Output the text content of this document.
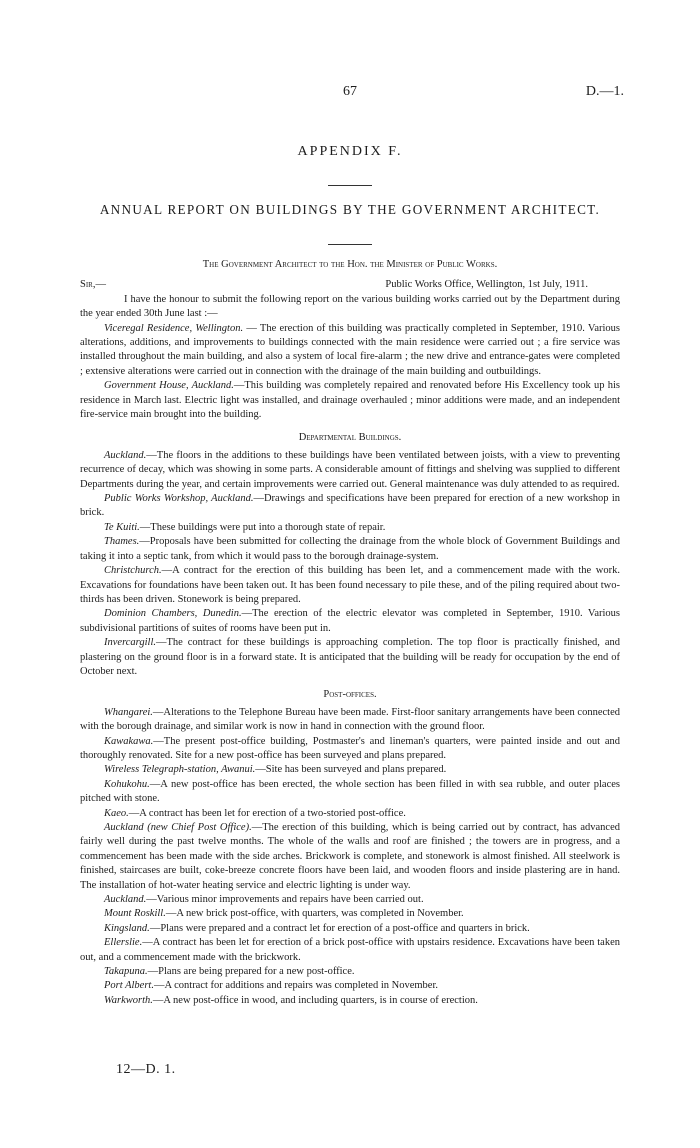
67	D.—1.
APPENDIX F.
ANNUAL REPORT ON BUILDINGS BY THE GOVERNMENT ARCHITECT.

The Government Architect to the Hon. the Minister of Public Works.

Sir,—	Public Works Office, Wellington, 1st July, 1911.

I have the honour to submit the following report on the various building works carried out by the Department during the year ended 30th June last :—

Viceregal Residence, Wellington. — The erection of this building was practically completed in September, 1910. Various alterations, additions, and improvements to buildings connected with the main residence were carried out ; a fire service was installed throughout the main building, and also a system of local fire-alarm ; the new drive and entrance-gates were completed ; extensive alterations were carried out in connection with the drainage of the main building and outbuildings.

Government House, Auckland.—This building was completely repaired and renovated before His Excellency took up his residence in March last. Electric light was installed, and drainage overhauled ; minor additions were made, and an independent fire-service main brought into the building.

Departmental Buildings.

Auckland.—The floors in the additions to these buildings have been ventilated between joists, with a view to preventing recurrence of decay, which was showing in some parts. A considerable amount of fittings and shelving was supplied to different Departments during the year, and certain improvements were carried out. General maintenance was duly attended to as required.

Public Works Workshop, Auckland.—Drawings and specifications have been prepared for erection of a new workshop in brick.

Te Kuiti.—These buildings were put into a thorough state of repair.

Thames.—Proposals have been submitted for collecting the drainage from the whole block of Government Buildings and taking it into a septic tank, from which it would pass to the borough drainage-system.

Christchurch.—A contract for the erection of this building has been let, and a commencement made with the work. Excavations for foundations have been taken out. It has been found necessary to pile these, and of the piling required about two-thirds has been driven. Stonework is being prepared.

Dominion Chambers, Dunedin.—The erection of the electric elevator was completed in September, 1910. Various subdivisional partitions of suites of rooms have been put in.

Invercargill.—The contract for these buildings is approaching completion. The top floor is practically finished, and plastering on the ground floor is in a forward state. It is anticipated that the building will be ready for occupation by the end of October next.

Post-offices.

Whangarei.—Alterations to the Telephone Bureau have been made. First-floor sanitary arrangements have been connected with the borough drainage, and similar work is now in hand in connection with the ground floor.

Kawakawa.—The present post-office building, Postmaster's and lineman's quarters, were painted inside and out and thoroughly renovated. Site for a new post-office has been surveyed and plans prepared.

Wireless Telegraph-station, Awanui.—Site has been surveyed and plans prepared.

Kohukohu.—A new post-office has been erected, the whole section has been filled in with sea rubble, and outer places pitched with stone.

Kaeo.—A contract has been let for erection of a two-storied post-office.

Auckland (new Chief Post Office).—The erection of this building, which is being carried out by contract, has advanced fairly well during the past twelve months. The whole of the walls and roof are finished ; the towers are in progress, and a commencement has been made with the side arches. Brickwork is complete, and stonework is almost finished. All steelwork is finished, staircases are built, coke-breeze concrete floors have been laid, and wooden floors and inside plastering are in hand. The installation of hot-water heating service and electric lighting is under way.

Auckland.—Various minor improvements and repairs have been carried out.

Mount Roskill.—A new brick post-office, with quarters, was completed in November.

Kingsland.—Plans were prepared and a contract let for erection of a post-office and quarters in brick.

Ellerslie.—A contract has been let for erection of a brick post-office with upstairs residence. Excavations have been taken out, and a commencement made with the brickwork.

Takapuna.—Plans are being prepared for a new post-office.

Port Albert.—A contract for additions and repairs was completed in November.

Warkworth.—A new post-office in wood, and including quarters, is in course of erection.

12—D. 1.
